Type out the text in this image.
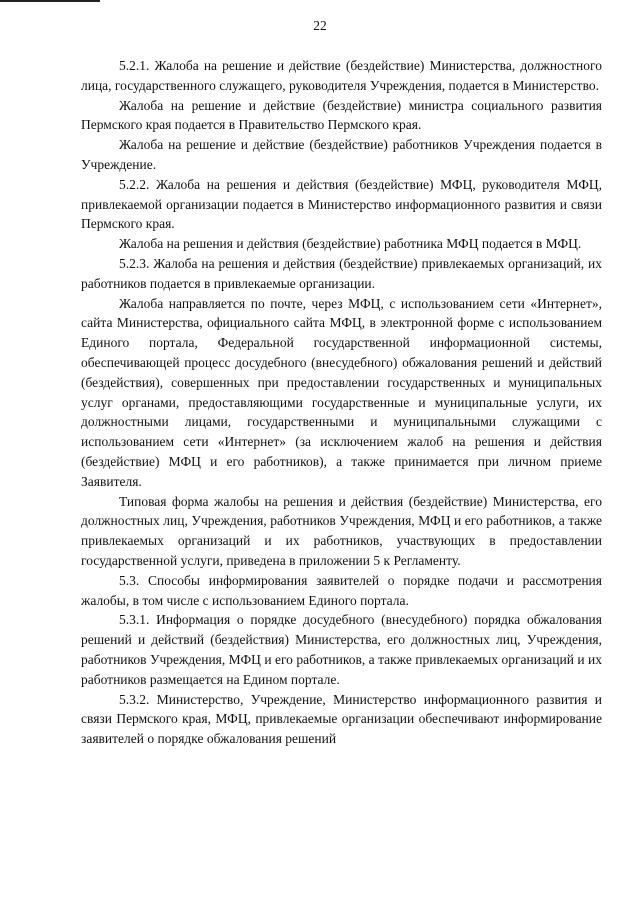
22

5.2.1. Жалоба на решение и действие (бездействие) Министерства, должностного лица, государственного служащего, руководителя Учреждения, подается в Министерство.

Жалоба на решение и действие (бездействие) министра социального развития Пермского края подается в Правительство Пермского края.

Жалоба на решение и действие (бездействие) работников Учреждения подается в Учреждение.

5.2.2. Жалоба на решения и действия (бездействие) МФЦ, руководителя МФЦ, привлекаемой организации подается в Министерство информационного развития и связи Пермского края.

Жалоба на решения и действия (бездействие) работника МФЦ подается в МФЦ.

5.2.3. Жалоба на решения и действия (бездействие) привлекаемых организаций, их работников подается в привлекаемые организации.

Жалоба направляется по почте, через МФЦ, с использованием сети «Интернет», сайта Министерства, официального сайта МФЦ, в электронной форме с использованием Единого портала, Федеральной государственной информационной системы, обеспечивающей процесс досудебного (внесудебного) обжалования решений и действий (бездействия), совершенных при предоставлении государственных и муниципальных услуг органами, предоставляющими государственные и муниципальные услуги, их должностными лицами, государственными и муниципальными служащими с использованием сети «Интернет» (за исключением жалоб на решения и действия (бездействие) МФЦ и его работников), а также принимается при личном приеме Заявителя.

Типовая форма жалобы на решения и действия (бездействие) Министерства, его должностных лиц, Учреждения, работников Учреждения, МФЦ и его работников, а также привлекаемых организаций и их работников, участвующих в предоставлении государственной услуги, приведена в приложении 5 к Регламенту.

5.3. Способы информирования заявителей о порядке подачи и рассмотрения жалобы, в том числе с использованием Единого портала.

5.3.1. Информация о порядке досудебного (внесудебного) порядка обжалования решений и действий (бездействия) Министерства, его должностных лиц, Учреждения, работников Учреждения, МФЦ и его работников, а также привлекаемых организаций и их работников размещается на Едином портале.

5.3.2. Министерство, Учреждение, Министерство информационного развития и связи Пермского края, МФЦ, привлекаемые организации обеспечивают информирование заявителей о порядке обжалования решений
